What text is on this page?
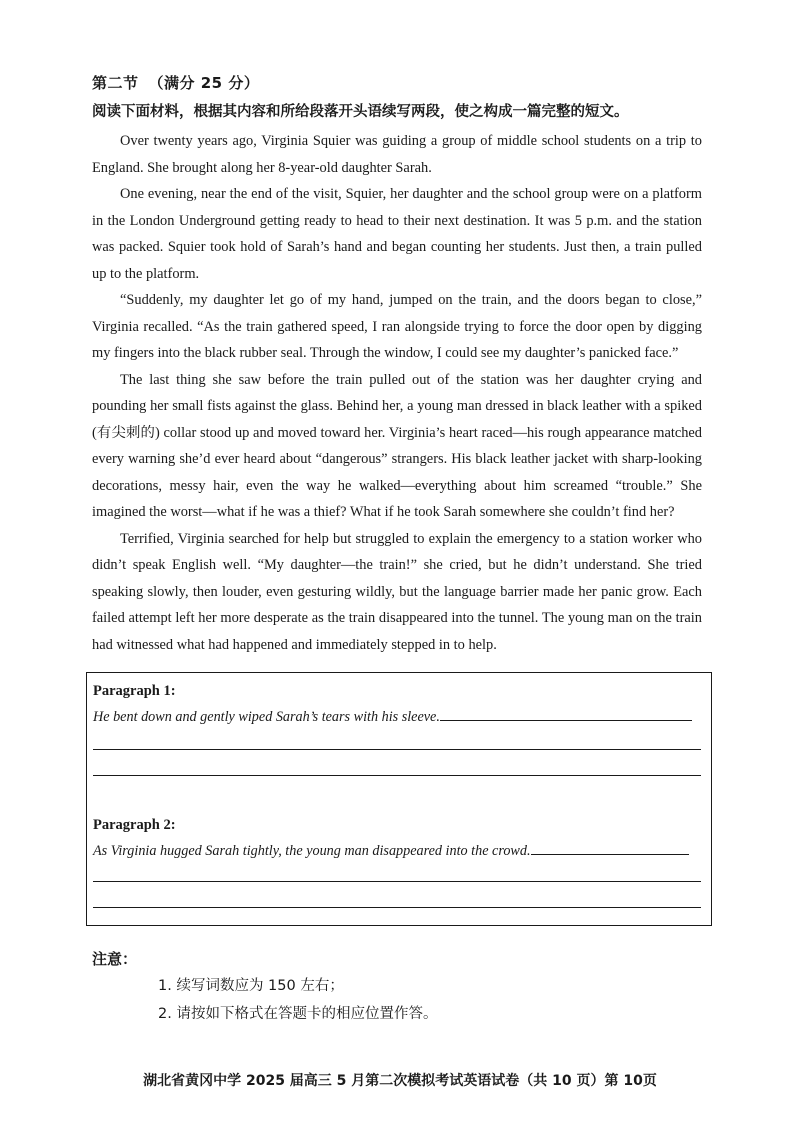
第二节 （满分 25 分）
阅读下面材料，根据其内容和所给段落开头语续写两段，使之构成一篇完整的短文。

Over twenty years ago, Virginia Squier was guiding a group of middle school students on a trip to England. She brought along her 8-year-old daughter Sarah.

One evening, near the end of the visit, Squier, her daughter and the school group were on a platform in the London Underground getting ready to head to their next destination. It was 5 p.m. and the station was packed. Squier took hold of Sarah’s hand and began counting her students. Just then, a train pulled up to the platform.

“Suddenly, my daughter let go of my hand, jumped on the train, and the doors began to close,” Virginia recalled. “As the train gathered speed, I ran alongside trying to force the door open by digging my fingers into the black rubber seal. Through the window, I could see my daughter’s panicked face.”

The last thing she saw before the train pulled out of the station was her daughter crying and pounding her small fists against the glass. Behind her, a young man dressed in black leather with a spiked (有尖刺的) collar stood up and moved toward her. Virginia’s heart raced—his rough appearance matched every warning she’d ever heard about “dangerous” strangers. His black leather jacket with sharp-looking decorations, messy hair, even the way he walked—everything about him screamed “trouble.” She imagined the worst—what if he was a thief? What if he took Sarah somewhere she couldn’t find her?

Terrified, Virginia searched for help but struggled to explain the emergency to a station worker who didn’t speak English well. “My daughter—the train!” she cried, but he didn’t understand. She tried speaking slowly, then louder, even gesturing wildly, but the language barrier made her panic grow. Each failed attempt left her more desperate as the train disappeared into the tunnel. The young man on the train had witnessed what had happened and immediately stepped in to help.

Paragraph 1:
He bent down and gently wiped Sarah’s tears with his sleeve.
Paragraph 2:
As Virginia hugged Sarah tightly, the young man disappeared into the crowd.
注意：
1. 续写词数应为 150 左右；
2. 请按如下格式在答题卡的相应位置作答。
湖北省黄冈中学 2025 届高三 5 月第二次模拟考试英语试卷（共 10 页）第 10页
